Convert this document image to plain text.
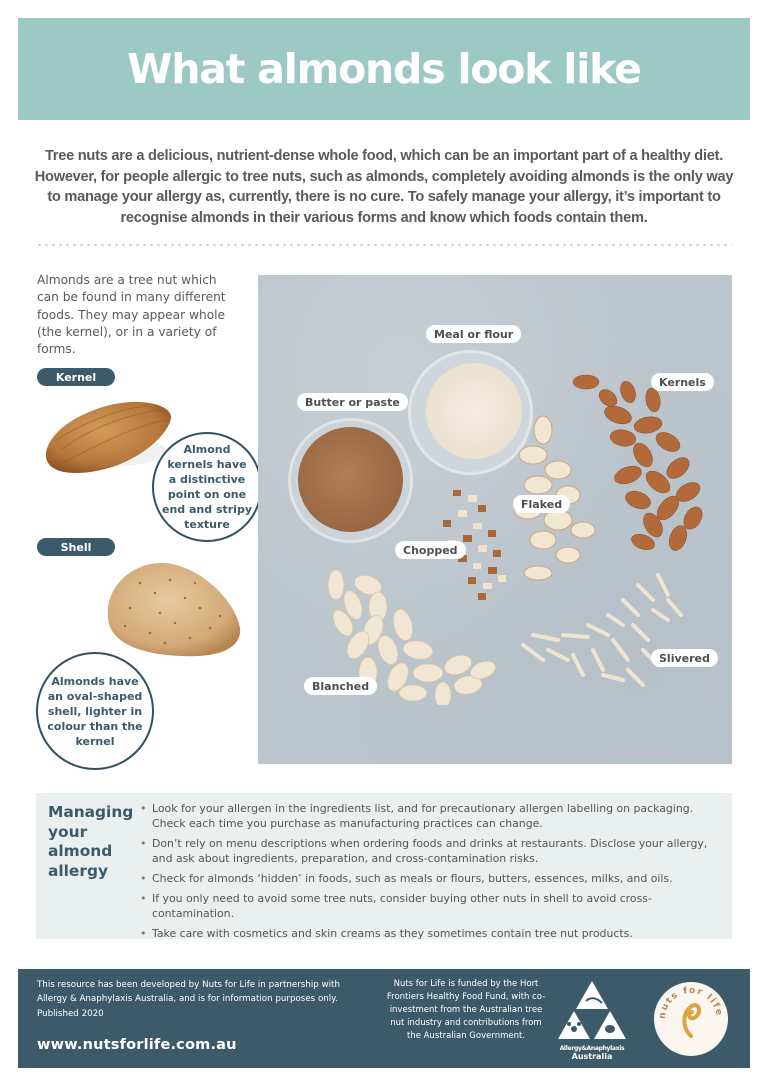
What almonds look like

Tree nuts are a delicious, nutrient-dense whole food, which can be an important part of a healthy diet. However, for people allergic to tree nuts, such as almonds, completely avoiding almonds is the only way to manage your allergy as, currently, there is no cure. To safely manage your allergy, it’s important to recognise almonds in their various forms and know which foods contain them.

Almonds are a tree nut which can be found in many different foods. They may appear whole (the kernel), or in a variety of forms.
Kernel
Almond kernels have a distinctive point on one end and stripy texture
Shell
Almonds have an oval-shaped shell, lighter in colour than the kernel
Meal or flour
Butter or paste
Kernels
Flaked
Chopped
Blanched
Slivered
Managing your almond allergy
• Look for your allergen in the ingredients list, and for precautionary allergen labelling on packaging. Check each time you purchase as manufacturing practices can change.
• Don’t rely on menu descriptions when ordering foods and drinks at restaurants. Disclose your allergy, and ask about ingredients, preparation, and cross-contamination risks.
• Check for almonds ‘hidden’ in foods, such as meals or flours, butters, essences, milks, and oils.
• If you only need to avoid some tree nuts, consider buying other nuts in shell to avoid cross-contamination.
• Take care with cosmetics and skin creams as they sometimes contain tree nut products.
This resource has been developed by Nuts for Life in partnership with Allergy & Anaphylaxis Australia, and is for information purposes only.
Published 2020
www.nutsforlife.com.au
Nuts for Life is funded by the Hort Frontiers Healthy Food Fund, with co-investment from the Australian tree nut industry and contributions from the Australian Government.
Allergy&Anaphylaxis
Australia
nuts for life
